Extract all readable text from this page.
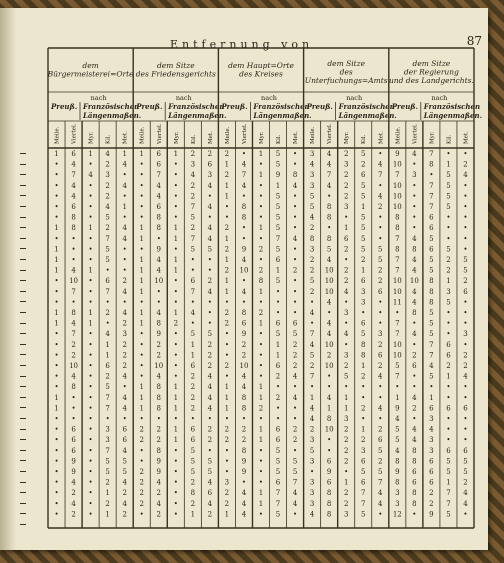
Entfernung von	87
dem
Bürgermeisterei=Orte
nach
Preuß. Französischen
Längenmaßen.
Meile.
1
•
•
•
•
•
•
1
•
1
1
1
•
•
•
1
1
•
•
•
•
•
•
1
1
•
•
•
•
•
•
•
•
•
•
Viertel.
6
4
7
4
4
6
8
8
•
•
•
4
10
7
•
8
4
7
2
2
10
4
8
•
•
•
6
6
6
9
9
4
2
4
2
Myr.
1
•
4
•
•
•
•
1
•
•
•
1
•
•
•
1
1
•
•
•
•
•
•
•
•
•
•
•
•
•
•
•
•
•
•
Kil.
4
2
3
2
2
4
5
2
7
5
5
•
6
7
•
2
•
4
1
1
6
2
5
7
7
•
3
3
7
5
5
2
1
2
1
Met.
1
4
•
4
•
1
•
4
4
•
•
•
2
4
•
4
2
3
2
2
2
4
•
4
4
•
6
6
4
5
5
4
2
4
2
dem Sitze
des Friedensgerichts
nach
Preuß. Französischen
Längenmaßen.
Meile.
1
•
•
•
•
•
•
1
1
•
1
1
1
1
•
1
1
•
•
•
•
•
1
1
1
•
2
2
•
•
2
2
2
2
•
Viertel.
6
6
7
4
4
6
8
8
•
9
4
4
10
•
•
4
8
9
2
2
10
4
8
8
8
•
2
2
8
9
9
4
2
4
2
Myr.
1
•
•
•
•
•
•
1
1
•
1
1
•
•
•
1
2
•
•
•
•
•
1
1
1
•
1
1
•
•
•
•
•
•
•
Kil.
2
3
4
2
2
7
5
2
7
5
•
•
6
7
•
4
•
5
1
1
6
2
2
2
2
•
6
6
5
5
5
2
8
2
1
Met.
2
6
3
4
•
4
•
4
4
5
•
•
2
4
•
•
•
5
2
2
2
4
4
4
4
•
2
2
•
5
5
4
6
4
2
dem Haupt=Orte
des Kreises
nach
Preuß. Französischen
Längenmaßen.
Meile.
2
1
2
1
1
•
•
2
1
2
1
2
1
1
•
2
2
•
•
•
2
•
1
1
1
•
2
2
•
•
•
3
2
2
1
Viertel.
•
4
7
4
•
8
8
•
•
9
4
10
•
4
•
8
6
9
2
2
10
4
4
8
8
•
2
2
8
9
9
•
4
4
4
Myr.
1
•
1
•
•
•
•
1
•
2
•
2
8
1
•
2
1
•
•
•
•
•
1
1
2
•
1
1
•
•
•
•
1
1
•
Kil.
5
5
9
1
5
5
5
5
7
5
6
1
5
•
•
•
6
5
1
1
6
2
•
2
•
•
6
6
5
5
5
6
7
7
5
Met.
•
•
8
4
•
•
•
•
4
•
•
2
•
•
•
•
6
5
2
2
2
4
•
4
•
•
2
2
•
5
5
7
4
4
•
dem Sitze
des
Unterfuchungs=Amts
nach
Preuß. Französischen
Längenmaßen.
Meile.
3
4
3
3
5
5
4
2
8
3
2
2
5
2
•
4
•
7
4
5
2
7
•
1
4
4
2
3
5
3
•
3
3
3
4
Viertel.
4
4
7
4
•
8
8
•
8
5
4
10
10
10
4
•
4
4
10
2
10
•
•
4
1
8
10
•
•
6
9
6
8
8
8
Myr.
2
3
2
2
2
3
•
1
6
2
•
2
2
4
•
3
•
4
•
3
2
5
•
1
1
3
2
2
2
2
•
1
2
2
3
Kil.
5
2
6
5
5
1
5
5
5
5
2
1
6
3
3
•
6
5
8
8
1
2
•
•
2
•
1
2
3
6
5
6
7
7
5
Met.
•
4
7
•
4
2
•
•
•
5
5
2
2
6
•
•
•
3
2
6
2
4
•
•
4
•
2
6
5
2
5
7
4
4
•
dem Sitze
der Regierung
und des Landgerichts.
nach
Preuß. Französischen
Längenmaßen.
Meile.
9
10
7
10
10
10
8
8
7
8
7
7
10
10
11
•
7
7
10
10
5
7
•
1
9
4
5
5
4
8
9
8
3
3
12
Viertel.
4
•
3
•
•
•
•
•
4
8
4
4
10
4
4
8
•
4
•
2
6
•
•
4
2
•
4
4
8
8
6
6
8
8
•
Myr.
7
8
•
7
7
7
6
6
5
6
5
5
8
8
8
5
5
5
7
7
4
5
•
1
6
3
4
3
3
6
6
6
2
2
9
Kil.
•
1
5
5
5
5
•
•
•
5
2
2
1
3
5
•
•
•
6
6
2
1
•
•
6
•
•
•
6
5
5
1
7
7
5
Met.
•
2
4
•
•
•
•
•
•
•
5
5
2
6
•
•
•
3
•
2
2
4
•
•
6
•
•
•
6
5
5
2
4
4
•
